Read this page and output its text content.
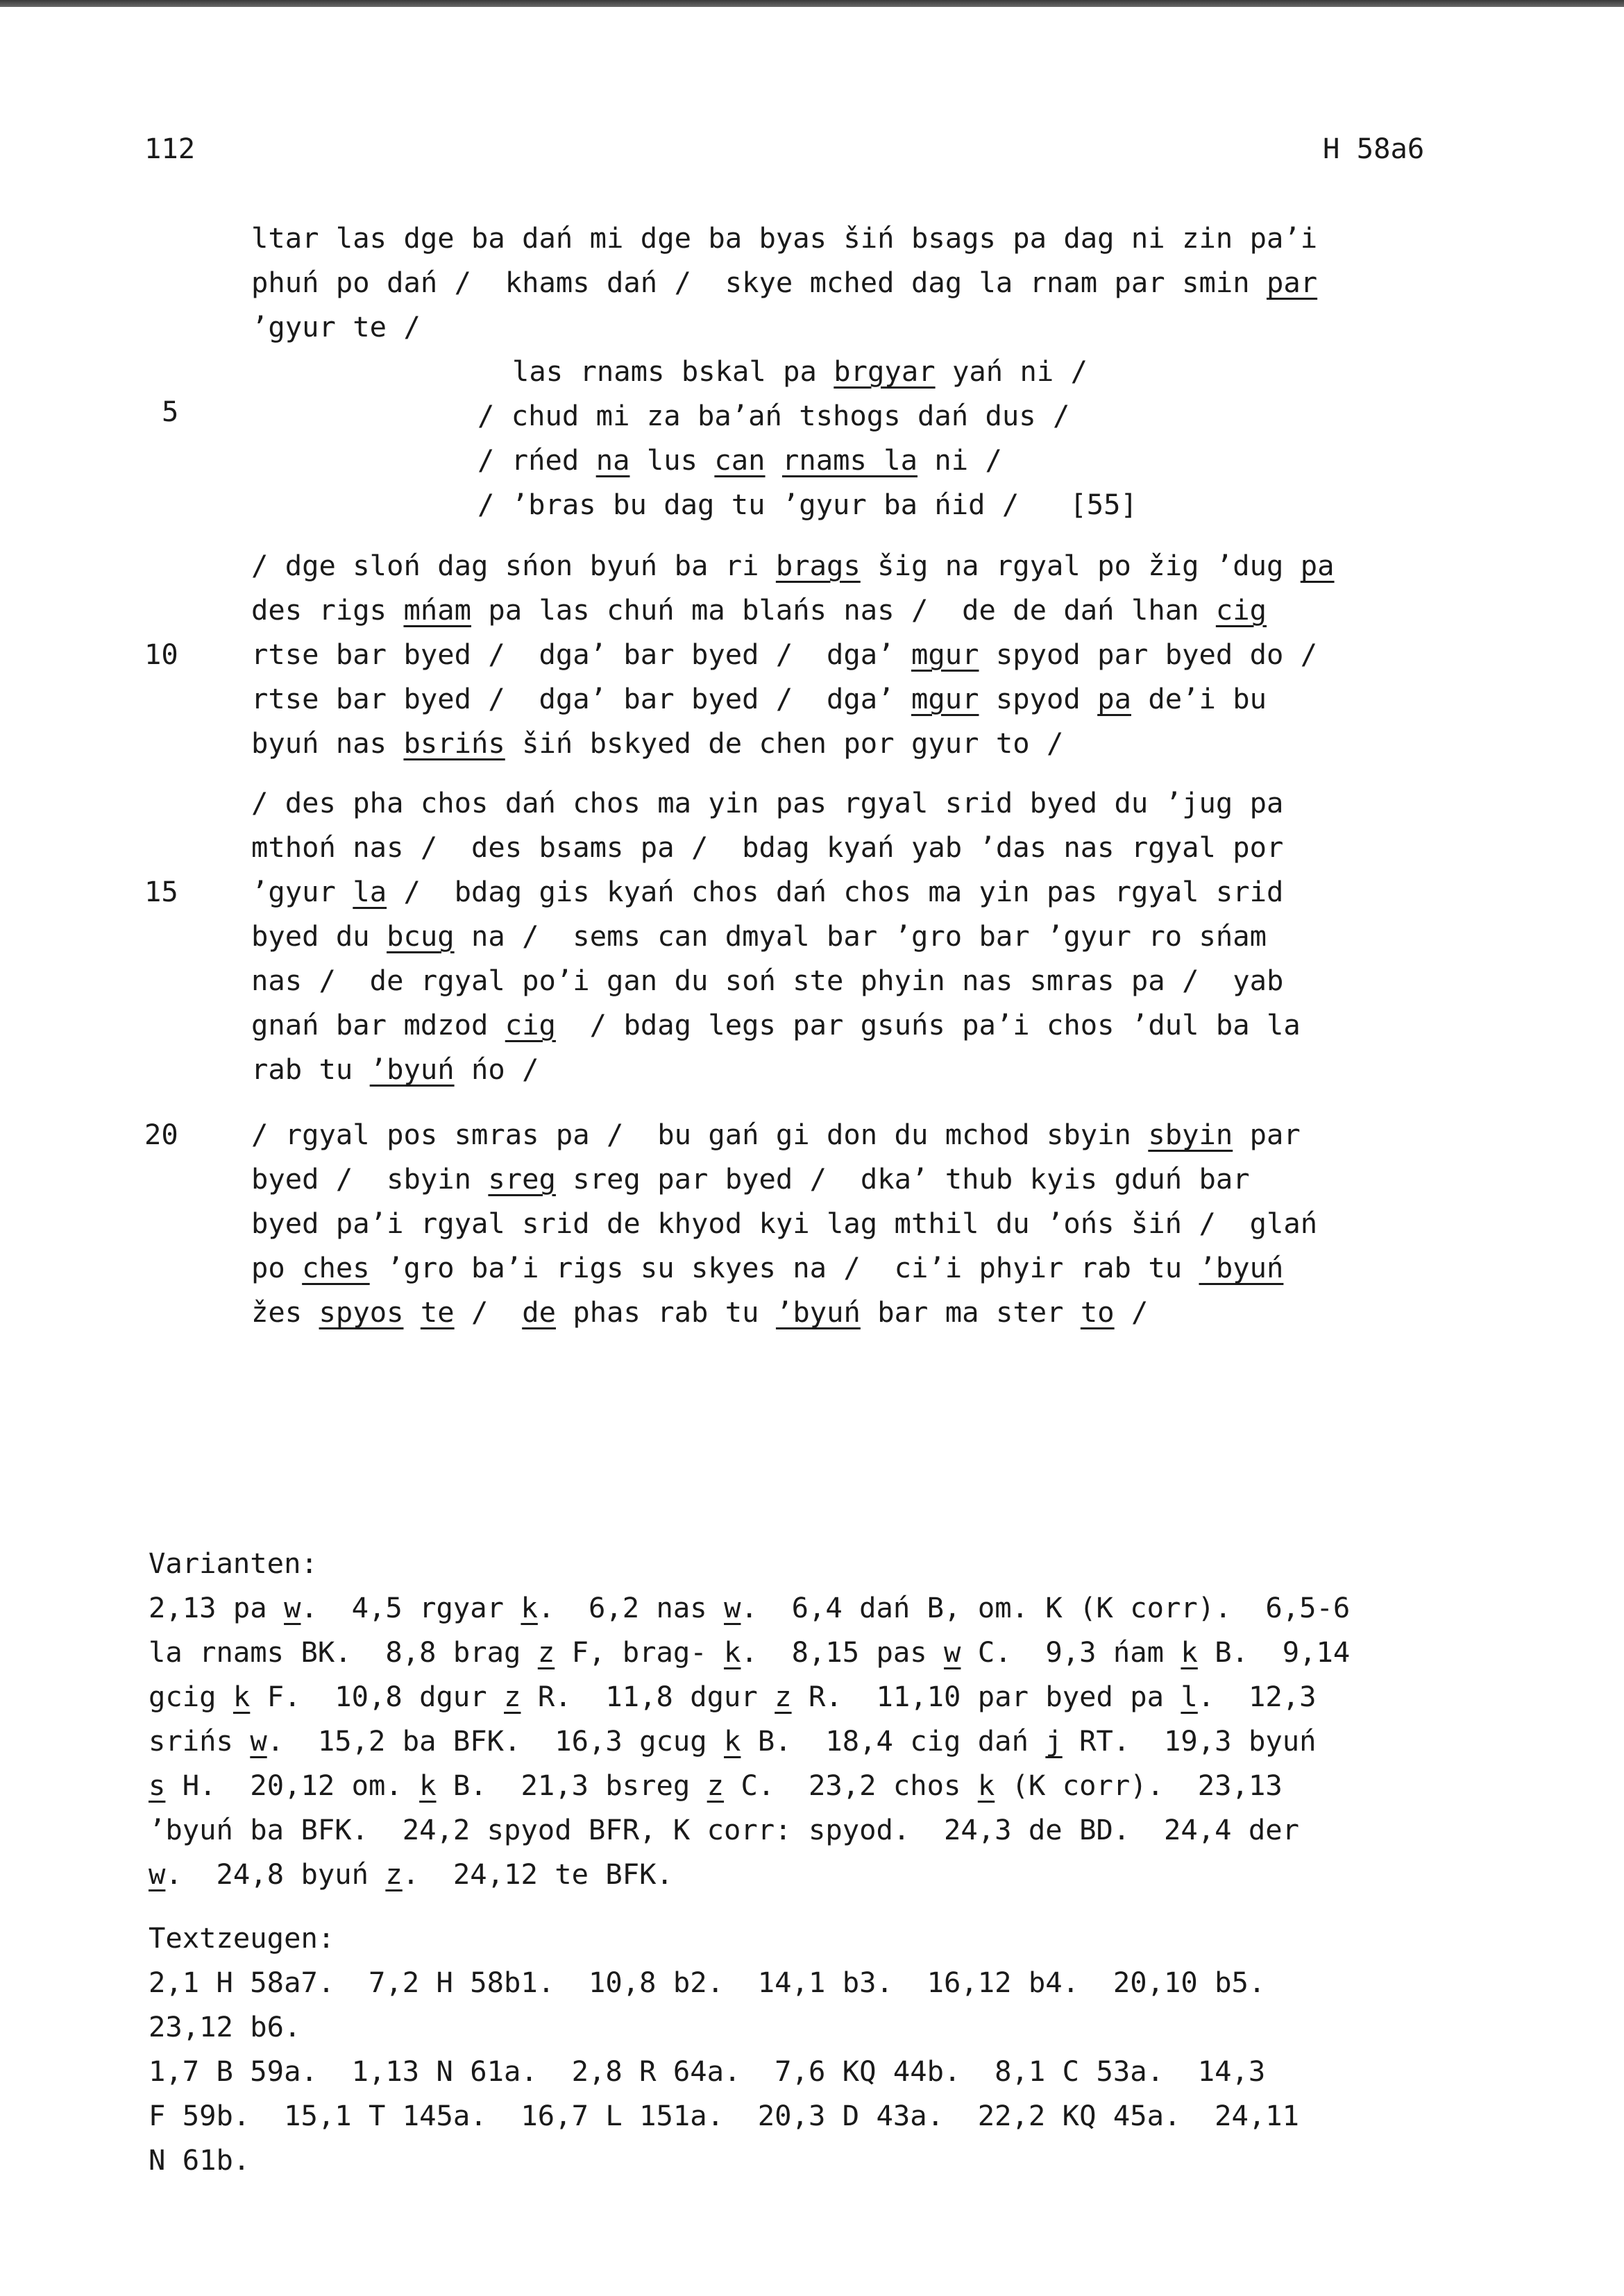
112	H 58a6
5
10
15
20
ltar las dge ba dań mi dge ba byas šiń bsags pa dag ni zin pa’i
phuń po dań /  khams dań /  skye mched dag la rnam par smin par
’gyur te /
las rnams bskal pa brgyar yań ni /
/ chud mi za ba’ań tshogs dań dus /
/ rńed na lus can rnams la ni /
/ ’bras bu dag tu ’gyur ba ńid /   [55]
/ dge sloń dag sńon byuń ba ri brags šig na rgyal po žig ’dug pa
des rigs mńam pa las chuń ma blańs nas /  de de dań lhan cig
rtse bar byed /  dga’ bar byed /  dga’ mgur spyod par byed do /
rtse bar byed /  dga’ bar byed /  dga’ mgur spyod pa de’i bu
byuń nas bsrińs šiń bskyed de chen por gyur to /
/ des pha chos dań chos ma yin pas rgyal srid byed du ’jug pa
mthoń nas /  des bsams pa /  bdag kyań yab ’das nas rgyal por
’gyur la /  bdag gis kyań chos dań chos ma yin pas rgyal srid
byed du bcug na /  sems can dmyal bar ’gro bar ’gyur ro sńam
nas /  de rgyal po’i gan du soń ste phyin nas smras pa /  yab
gnań bar mdzod cig  / bdag legs par gsuńs pa’i chos ’dul ba la
rab tu ’byuń ńo /
/ rgyal pos smras pa /  bu gań gi don du mchod sbyin sbyin par
byed /  sbyin sreg sreg par byed /  dka’ thub kyis gduń bar
byed pa’i rgyal srid de khyod kyi lag mthil du ’ońs šiń /  glań
po ches ’gro ba’i rigs su skyes na /  ci’i phyir rab tu ’byuń
žes spyos te /  de phas rab tu ’byuń bar ma ster to /
Varianten:
2,13 pa w.  4,5 rgyar k.  6,2 nas w.  6,4 dań B, om. K (K corr).  6,5-6
la rnams BK.  8,8 brag z F, brag- k.  8,15 pas w C.  9,3 ńam k B.  9,14
gcig k F.  10,8 dgur z R.  11,8 dgur z R.  11,10 par byed pa l.  12,3
srińs w.  15,2 ba BFK.  16,3 gcug k B.  18,4 cig dań j RT.  19,3 byuń
s H.  20,12 om. k B.  21,3 bsreg z C.  23,2 chos k (K corr).  23,13
’byuń ba BFK.  24,2 spyod BFR, K corr: spyod.  24,3 de BD.  24,4 der
w.  24,8 byuń z.  24,12 te BFK.
Textzeugen:
2,1 H 58a7.  7,2 H 58b1.  10,8 b2.  14,1 b3.  16,12 b4.  20,10 b5.
23,12 b6.
1,7 B 59a.  1,13 N 61a.  2,8 R 64a.  7,6 KQ 44b.  8,1 C 53a.  14,3
F 59b.  15,1 T 145a.  16,7 L 151a.  20,3 D 43a.  22,2 KQ 45a.  24,11
N 61b.
